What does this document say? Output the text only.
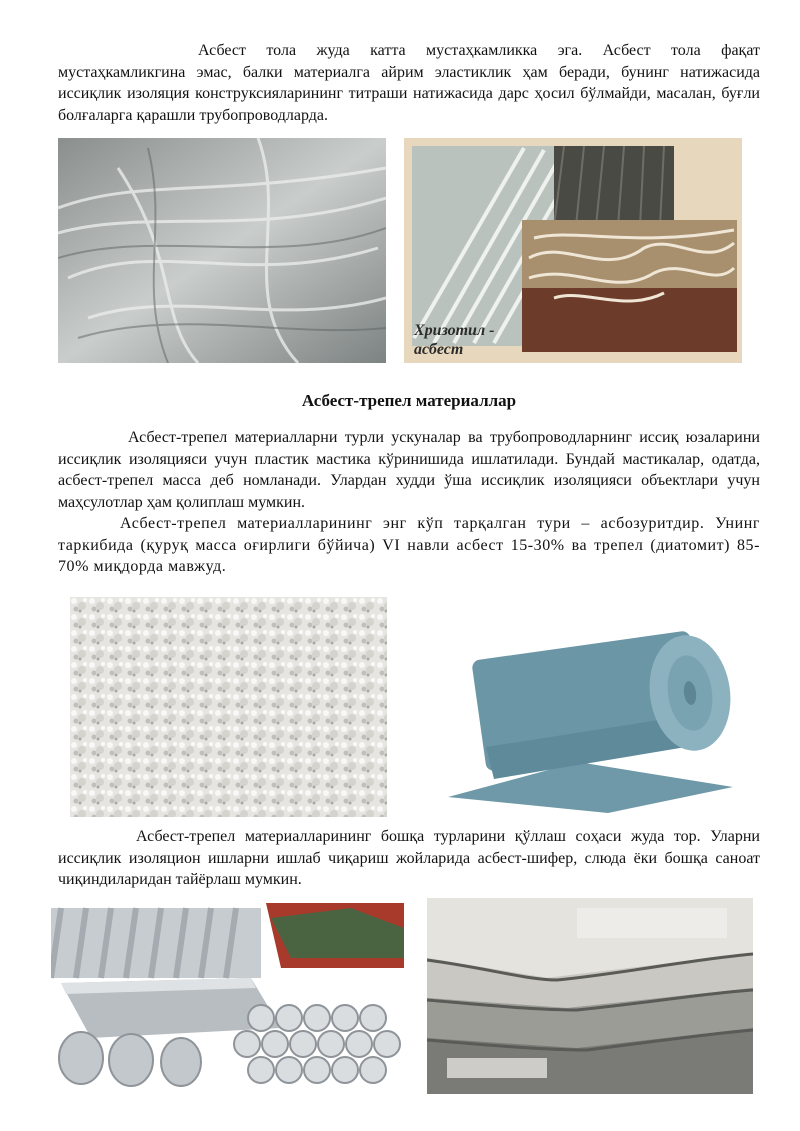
Асбест тола жуда катта мустаҳкамликка эга. Асбест тола фақат мустаҳкамликгина эмас, балки материалга айрим эластиклик ҳам беради, бунинг натижасида иссиқлик изоляция конструксияларининг титраши натижасида дарс ҳосил бўлмайди, масалан, буғли болғаларга қарашли трубопроводларда.

Хризотил -
асбест
Асбест-трепел материаллар

Асбест-трепел материалларни турли ускуналар ва трубопроводларнинг иссиқ юзаларини иссиқлик изоляцияси учун пластик мастика кўринишида ишлатилади. Бундай мастикалар, одатда, асбест-трепел масса деб номланади. Улардан худди ўша иссиқлик изоляцияси объектлари учун маҳсулотлар ҳам қолиплаш мумкин.

Асбест-трепел материалларининг энг кўп тарқалган тури – асбозуритдир. Унинг таркибида (қуруқ масса оғирлиги бўйича) VI навли асбест 15-30% ва трепел (диатомит) 85-70% миқдорда мавжуд.

Асбест-трепел материалларининг бошқа турларини қўллаш соҳаси жуда тор. Уларни иссиқлик изоляцион ишларни ишлаб чиқариш жойларида асбест-шифер, слюда ёки бошқа саноат чиқиндиларидан тайёрлаш мумкин.
